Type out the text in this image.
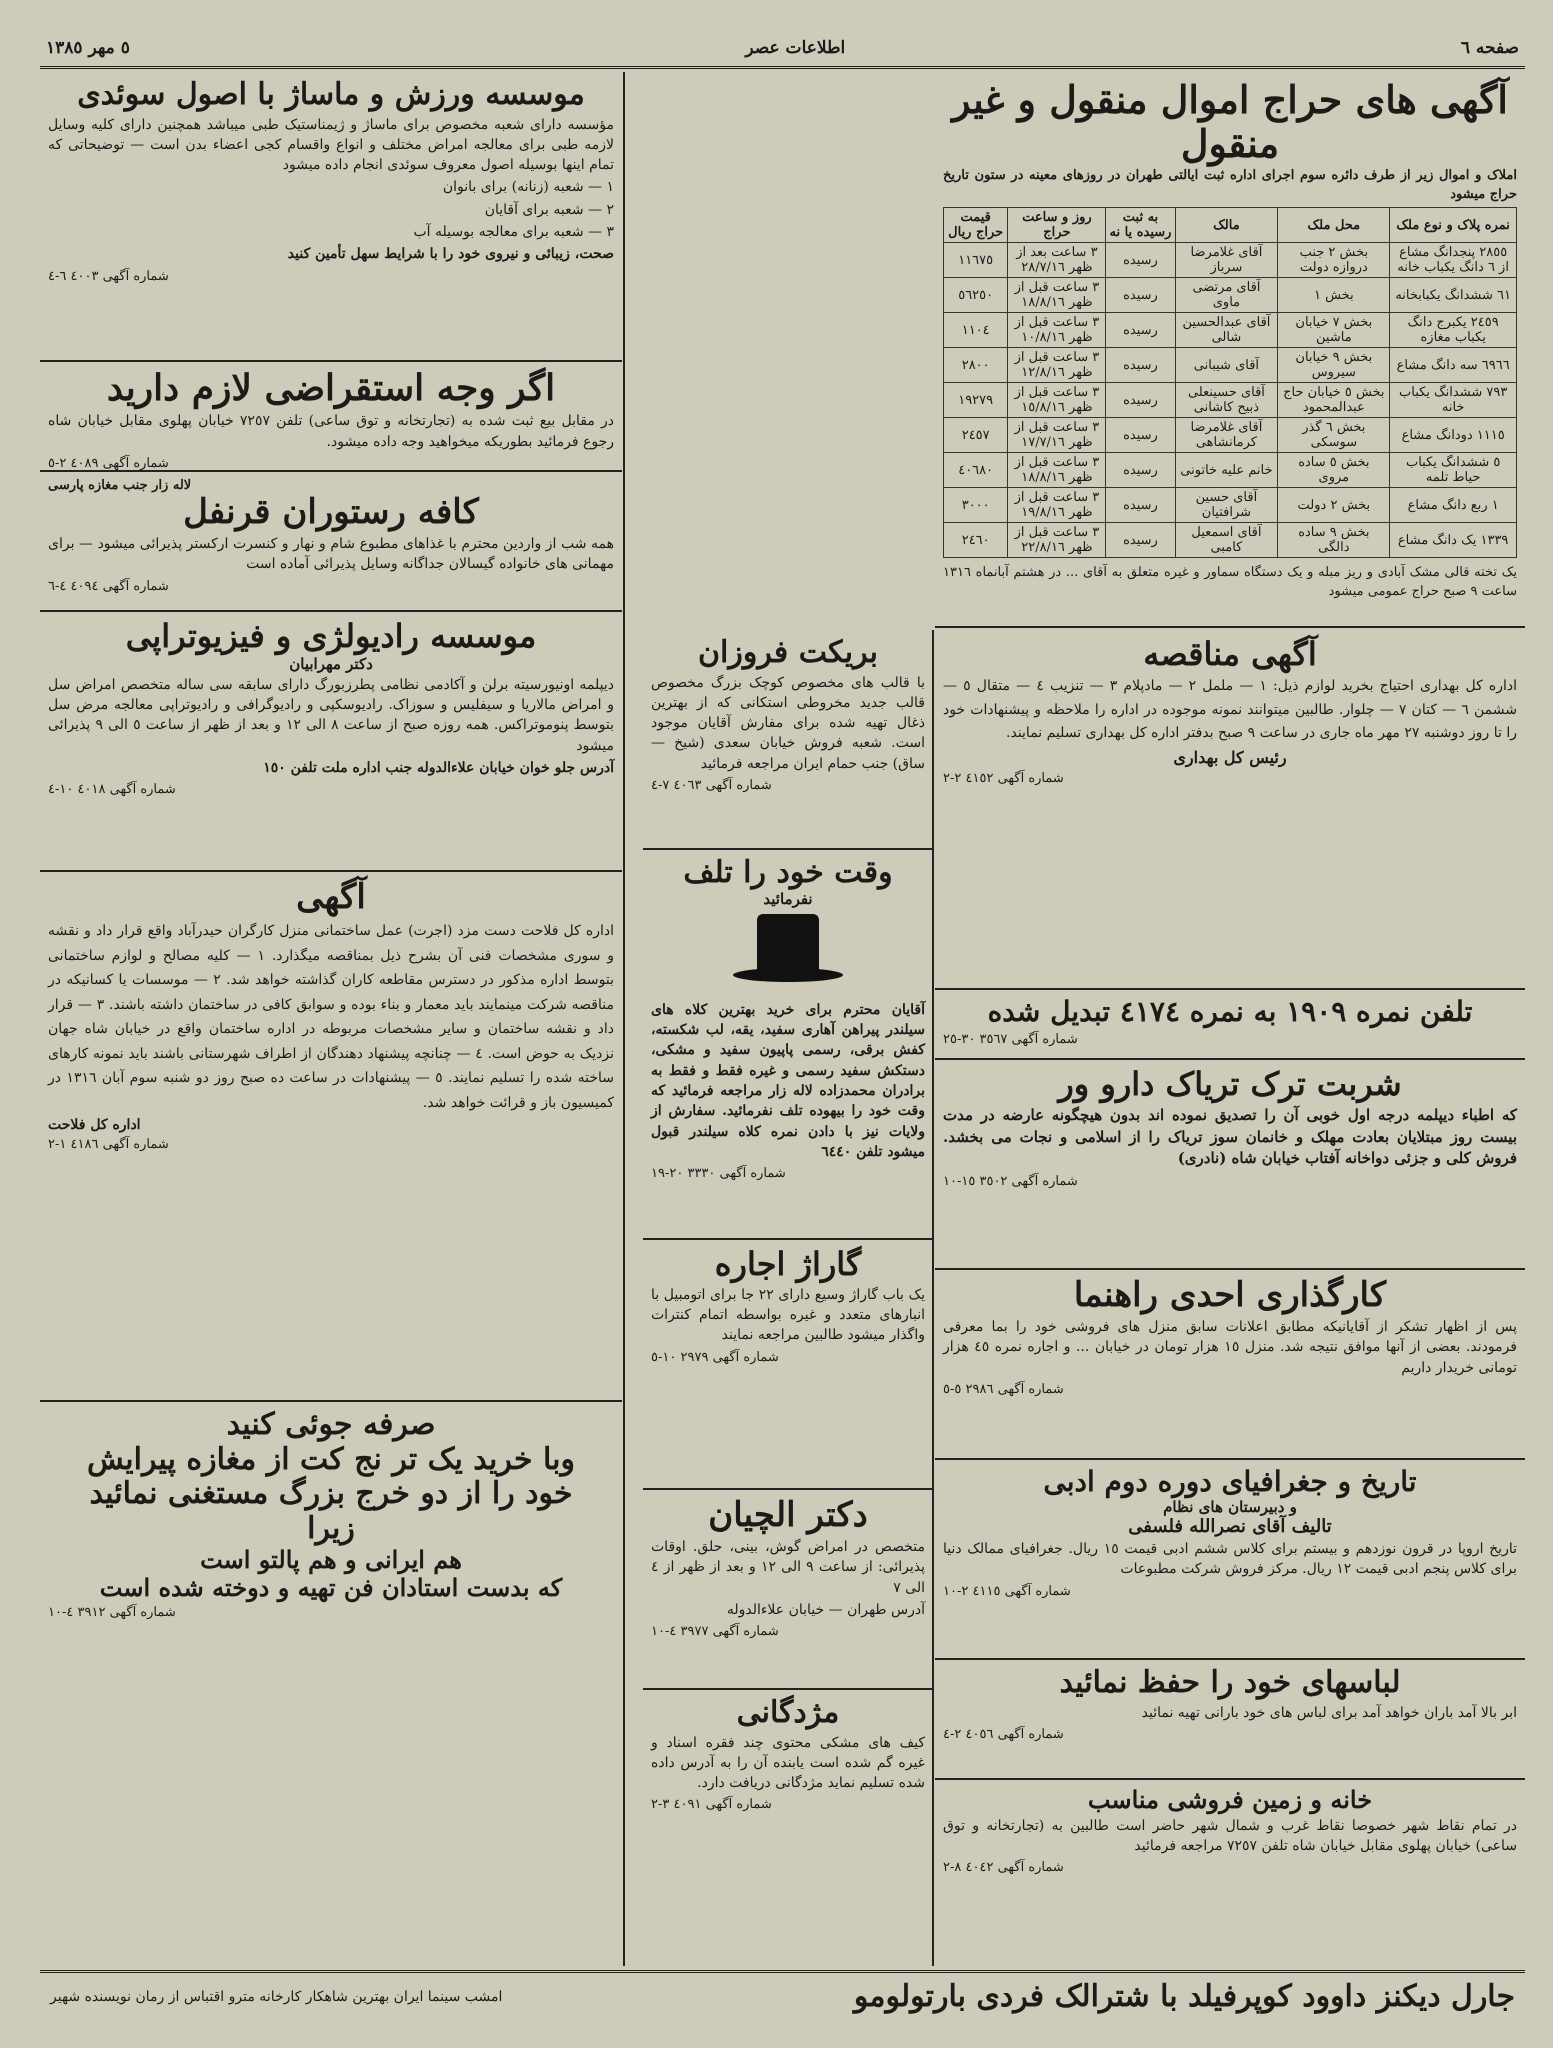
صفحه ٦
اطلاعات عصر
٥ مهر ١٣٨٥
آگهی های حراج اموال منقول و غیر منقول
املاک و اموال زیر از طرف دائره سوم اجرای اداره ثبت ایالتی طهران در روزهای معینه در ستون تاریخ حراج میشود
نمره پلاک و نوع ملک	محل ملک	مالک	به ثبت رسیده یا نه	روز و ساعت حراج	قیمت حراج ریال
٢٨٥٥ پنجدانگ مشاع از ٦ دانگ یکباب خانه	بخش ٢ جنب دروازه دولت	آقای غلامرضا سرباز	رسیده	٣ ساعت بعد از ظهر ٢٨/٧/١٦	١١٦٧٥
٦١ ششدانگ یکبابخانه	بخش ١	آقای مرتضی ماوی	رسیده	٣ ساعت قبل از ظهر ١٨/٨/١٦	٥٦٢٥٠
٢٤٥٩ یکبرج دانگ یکباب مغازه	بخش ٧ خیابان ماشین	آقای عبدالحسین شالی	رسیده	٣ ساعت قبل از ظهر ١٠/٨/١٦	١١٠٤
٦٩٦٦ سه دانگ مشاع	بخش ٩ خیابان سیروس	آقای شیبانی	رسیده	٣ ساعت قبل از ظهر ١٢/٨/١٦	٢٨٠٠
٧٩٣ ششدانگ یکباب خانه	بخش ٥ خیابان حاج عبدالمحمود	آقای حسینعلی ذبیح کاشانی	رسیده	٣ ساعت قبل از ظهر ١٥/٨/١٦	١٩٢٧٩
١١١٥ دودانگ مشاع	بخش ٦ گذر سوسکی	آقای غلامرضا کرمانشاهی	رسیده	٣ ساعت قبل از ظهر ١٧/٧/١٦	٢٤٥٧
٥ ششدانگ یکباب حیاط تلمه	بخش ٥ ساده مروی	خانم علیه خاتونی	رسیده	٣ ساعت قبل از ظهر ١٨/٨/١٦	٤٠٦٨٠
١ ربع دانگ مشاع	بخش ٢ دولت	آقای حسین شرافتیان	رسیده	٣ ساعت قبل از ظهر ١٩/٨/١٦	٣٠٠٠
١٣٣٩ یک دانگ مشاع	بخش ٩ ساده دالگی	آقای اسمعیل کامبی	رسیده	٣ ساعت قبل از ظهر ٢٢/٨/١٦	٢٤٦٠
یک تخته قالی مشک آبادی و ریز مبله و یک دستگاه سماور و غیره متعلق به آقای ... در هشتم آبانماه ١٣١٦ ساعت ٩ صبح حراج عمومی میشود
موسسه ورزش و ماساژ با اصول سوئدی
مؤسسه دارای شعبه مخصوص برای ماساژ و ژیمناستیک طبی میباشد همچنین دارای کلیه وسایل لازمه طبی برای معالجه امراض مختلف و انواع واقسام کجی اعضاء بدن است — توضیحاتی که تمام اینها بوسیله اصول معروف سوئدی انجام داده میشود
١ — شعبه (زنانه) برای بانوان
٢ — شعبه برای آقایان
٣ — شعبه برای معالجه بوسیله آب
صحت، زیبائی و نیروی خود را با شرایط سهل تأمین کنید
شماره آگهی ٤٠٠٣ ٦-٤
اگر وجه استقراضی لازم دارید
در مقابل بیع ثبت شده به (تجارتخانه و توق ساعی) تلفن ٧٢٥٧ خیابان پهلوی مقابل خیابان شاه رجوع فرمائید بطوریکه میخواهید وجه داده میشود.
شماره آگهی ٤٠٨٩ ٢-٥
لاله زار جنب مغازه پارسی
کافه رستوران قرنفل
همه شب از واردین محترم با غذاهای مطبوع شام و نهار و کنسرت ارکستر پذیرائی میشود — برای مهمانی های خانواده گیسالان جداگانه وسایل پذیرائی آماده است
شماره آگهی ٤٠٩٤ ٤-٦
موسسه رادیولژی و فیزیوتراپی
دکتر مهرابیان
دیپلمه اونیورسیته برلن و آکادمی نظامی پطرزبورگ دارای سابقه سی ساله متخصص امراض سل و امراض مالاریا و سیفلیس و سوزاک. رادیوسکپی و رادیوگرافی و رادیوتراپی معالجه مرض سل بتوسط پنوموتراکس. همه روزه صبح از ساعت ٨ الی ١٢ و بعد از ظهر از ساعت ٥ الی ٩ پذیرائی میشود
آدرس جلو خوان خیابان علاءالدوله جنب اداره ملت تلفن ١٥٠
شماره آگهی ٤٠١٨ ١٠-٤
آگهی
اداره کل فلاحت دست مزد (اجرت) عمل ساختمانی منزل کارگران حیدرآباد واقع قرار داد و نقشه و سوری مشخصات فنی آن بشرح ذیل بمناقصه میگذارد. ١ — کلیه مصالح و لوازم ساختمانی بتوسط اداره مذکور در دسترس مقاطعه کاران گذاشته خواهد شد. ٢ — موسسات یا کسانیکه در مناقصه شرکت مینمایند باید معمار و بناء بوده و سوابق کافی در ساختمان داشته باشند. ٣ — قرار داد و نقشه ساختمان و سایر مشخصات مربوطه در اداره ساختمان واقع در خیابان شاه جهان نزدیک به حوض است. ٤ — چنانچه پیشنهاد دهندگان از اطراف شهرستانی باشند باید نمونه کارهای ساخته شده را تسلیم نمایند. ٥ — پیشنهادات در ساعت ده صبح روز دو شنبه سوم آبان ١٣١٦ در کمیسیون باز و قرائت خواهد شد.
اداره کل فلاحت
شماره آگهی ٤١٨٦ ١-٢
صرفه جوئی کنید
وبا خرید یک تر نج کت از مغازه پیرایش
خود را از دو خرج بزرگ مستغنی نمائید
زیرا
هم ایرانی و هم پالتو است
که بدست استادان فن تهیه و دوخته شده است
شماره آگهی ٣٩١٢ ٤-١٠
بریکت فروزان
با قالب های مخصوص کوچک بزرگ مخصوص قالب جدید مخروطی استکانی که از بهترین ذغال تهیه شده برای مفارش آقایان موجود است. شعبه فروش خیابان سعدی (شیخ — ساق) جنب حمام ایران مراجعه فرمائید
شماره آگهی ٤٠٦٣ ٧-٤
وقت خود را تلف
نفرمائید
آقایان محترم برای خرید بهترین کلاه های سیلندر پیراهن آهاری سفید، یقه، لب شکسته، کفش برقی، رسمی پاپیون سفید و مشکی، دستکش سفید رسمی و غیره فقط و فقط به برادران محمدزاده لاله زار مراجعه فرمائید که وقت خود را بیهوده تلف نفرمائید. سفارش از ولایات نیز با دادن نمره کلاه سیلندر قبول میشود تلفن ٦٤٤٠
شماره آگهی ٣٣٣٠ ٢٠-١٩
گاراژ اجاره
یک باب گاراژ وسیع دارای ٢٢ جا برای اتومبیل با انبارهای متعدد و غیره بواسطه اتمام کنترات واگذار میشود طالبین مراجعه نمایند
شماره آگهی ٢٩٧٩ ١٠-٥
دکتر الچیان
متخصص در امراض گوش، بینی، حلق. اوقات پذیرائی: از ساعت ٩ الی ١٢ و بعد از ظهر از ٤ الی ٧
آدرس طهران — خیابان علاءالدوله
شماره آگهی ٣٩٧٧ ٤-١٠
مژدگانی
کیف های مشکی محتوی چند فقره اسناد و غیره گم شده است یابنده آن را به آدرس داده شده تسلیم نماید مژدگانی دریافت دارد.
شماره آگهی ٤٠٩١ ٣-٢
آگهی مناقصه
اداره کل بهداری احتیاج بخرید لوازم ذیل: ١ — ململ ٢ — مادپلام ٣ — تنزیب ٤ — متقال ٥ — ششمن ٦ — کتان ٧ — چلوار. طالبین میتوانند نمونه موجوده در اداره را ملاحظه و پیشنهادات خود را تا روز دوشنبه ٢٧ مهر ماه جاری در ساعت ٩ صبح بدفتر اداره کل بهداری تسلیم نمایند.
رئیس کل بهداری
شماره آگهی ٤١٥٢ ٢-٢
تلفن نمره ١٩٠٩ به نمره ٤١٧٤ تبدیل شده
شماره آگهی ٣٥٦٧ ٣٠-٢٥
شربت ترک تریاک دارو ور
که اطباء دیپلمه درجه اول خوبی آن را تصدیق نموده اند بدون هیچگونه عارضه در مدت بیست روز مبتلایان بعادت مهلک و خانمان سوز تریاک را از اسلامی و نجات می بخشد. فروش کلی و جزئی دواخانه آفتاب خیابان شاه (نادری)
شماره آگهی ٣٥٠٢ ١٥-١٠
کارگذاری احدی راهنما
پس از اظهار تشکر از آقایانیکه مطابق اعلانات سابق منزل های فروشی خود را بما معرفی فرمودند. بعضی از آنها موافق نتیجه شد. منزل ١٥ هزار تومان در خیابان ... و اجاره نمره ٤٥ هزار تومانی خریدار داریم
شماره آگهی ٢٩٨٦ ٥-٥
تاریخ و جغرافیای دوره دوم ادبی
و دبیرستان های نظام
تالیف آقای نصرالله فلسفی
تاریخ اروپا در قرون نوزدهم و بیستم برای کلاس ششم ادبی قیمت ١٥ ریال. جغرافیای ممالک دنیا برای کلاس پنجم ادبی قیمت ١٢ ریال. مرکز فروش شرکت مطبوعات
شماره آگهی ٤١١٥ ٢-١٠
لباسهای خود را حفظ نمائید
ابر بالا آمد باران خواهد آمد برای لباس های خود بارانی تهیه نمائید
شماره آگهی ٤٠٥٦ ٢-٤
خانه و زمین فروشی مناسب
در تمام نقاط شهر خصوصا نقاط غرب و شمال شهر حاضر است طالبین به (تجارتخانه و توق ساعی) خیابان پهلوی مقابل خیابان شاه تلفن ٧٢٥٧ مراجعه فرمائید
شماره آگهی ٤٠٤٢ ٨-٢
جارل دیکنز داوود کوپرفیلد با شترالک فردی بارتولومو
امشب سینما ایران بهترین شاهکار کارخانه مترو اقتباس از رمان نویسنده شهیر
